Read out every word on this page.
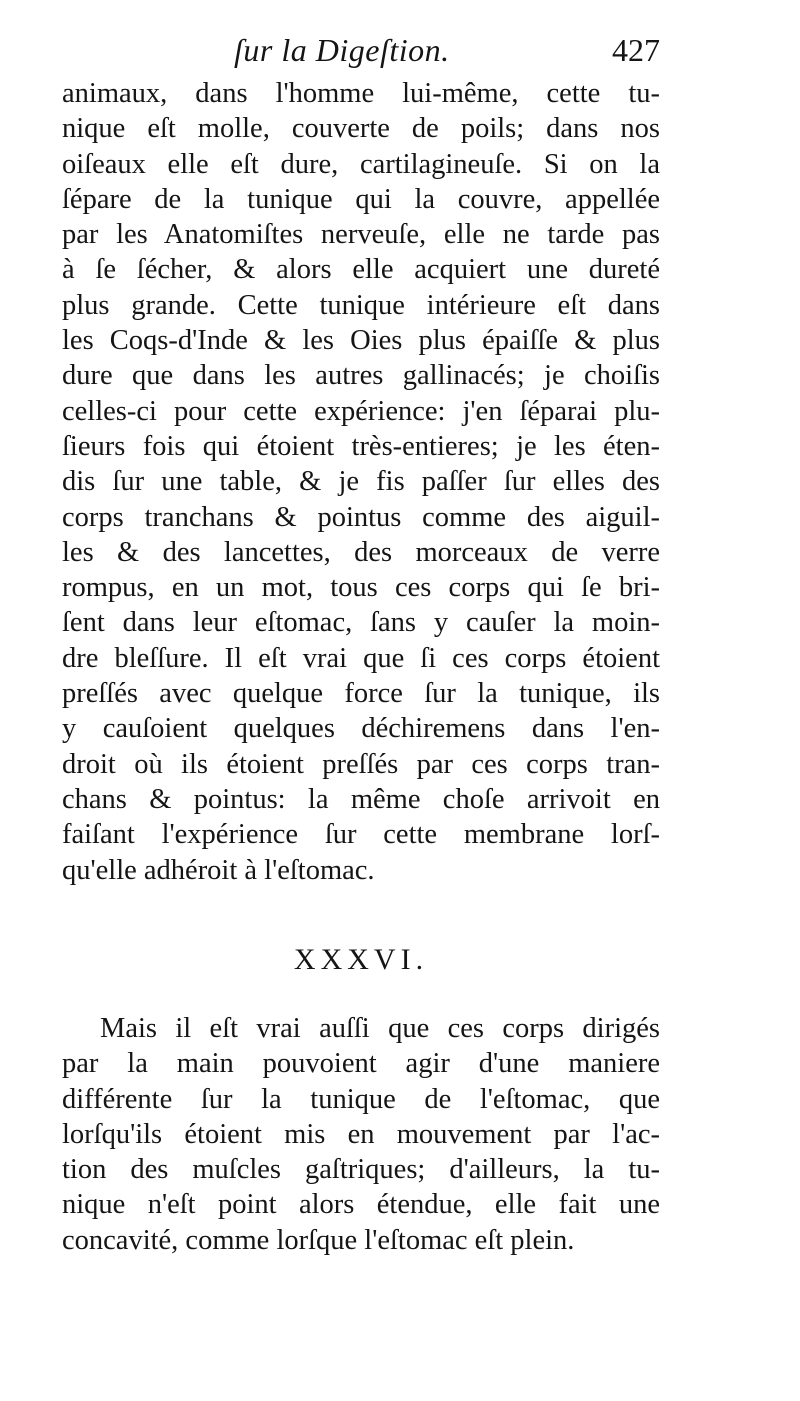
ſur la Digeſtion.	427
animaux, dans l'homme lui-même, cette tu-
nique eſt molle, couverte de poils; dans nos
oiſeaux elle eſt dure, cartilagineuſe. Si on la
ſépare de la tunique qui la couvre, appellée
par les Anatomiſtes nerveuſe, elle ne tarde pas
à ſe ſécher, & alors elle acquiert une dureté
plus grande. Cette tunique intérieure eſt dans
les Coqs-d'Inde & les Oies plus épaiſſe & plus
dure que dans les autres gallinacés; je choiſis
celles-ci pour cette expérience: j'en ſéparai plu-
ſieurs fois qui étoient très-entieres; je les éten-
dis ſur une table, & je fis paſſer ſur elles des
corps tranchans & pointus comme des aiguil-
les & des lancettes, des morceaux de verre
rompus, en un mot, tous ces corps qui ſe bri-
ſent dans leur eſtomac, ſans y cauſer la moin-
dre bleſſure. Il eſt vrai que ſi ces corps étoient
preſſés avec quelque force ſur la tunique, ils
y cauſoient quelques déchiremens dans l'en-
droit où ils étoient preſſés par ces corps tran-
chans & pointus: la même choſe arrivoit en
faiſant l'expérience ſur cette membrane lorſ-
qu'elle adhéroit à l'eſtomac.
XXXVI.
Mais il eſt vrai auſſi que ces corps dirigés
par la main pouvoient agir d'une maniere
différente ſur la tunique de l'eſtomac, que
lorſqu'ils étoient mis en mouvement par l'ac-
tion des muſcles gaſtriques; d'ailleurs, la tu-
nique n'eſt point alors étendue, elle fait une
concavité, comme lorſque l'eſtomac eſt plein.
